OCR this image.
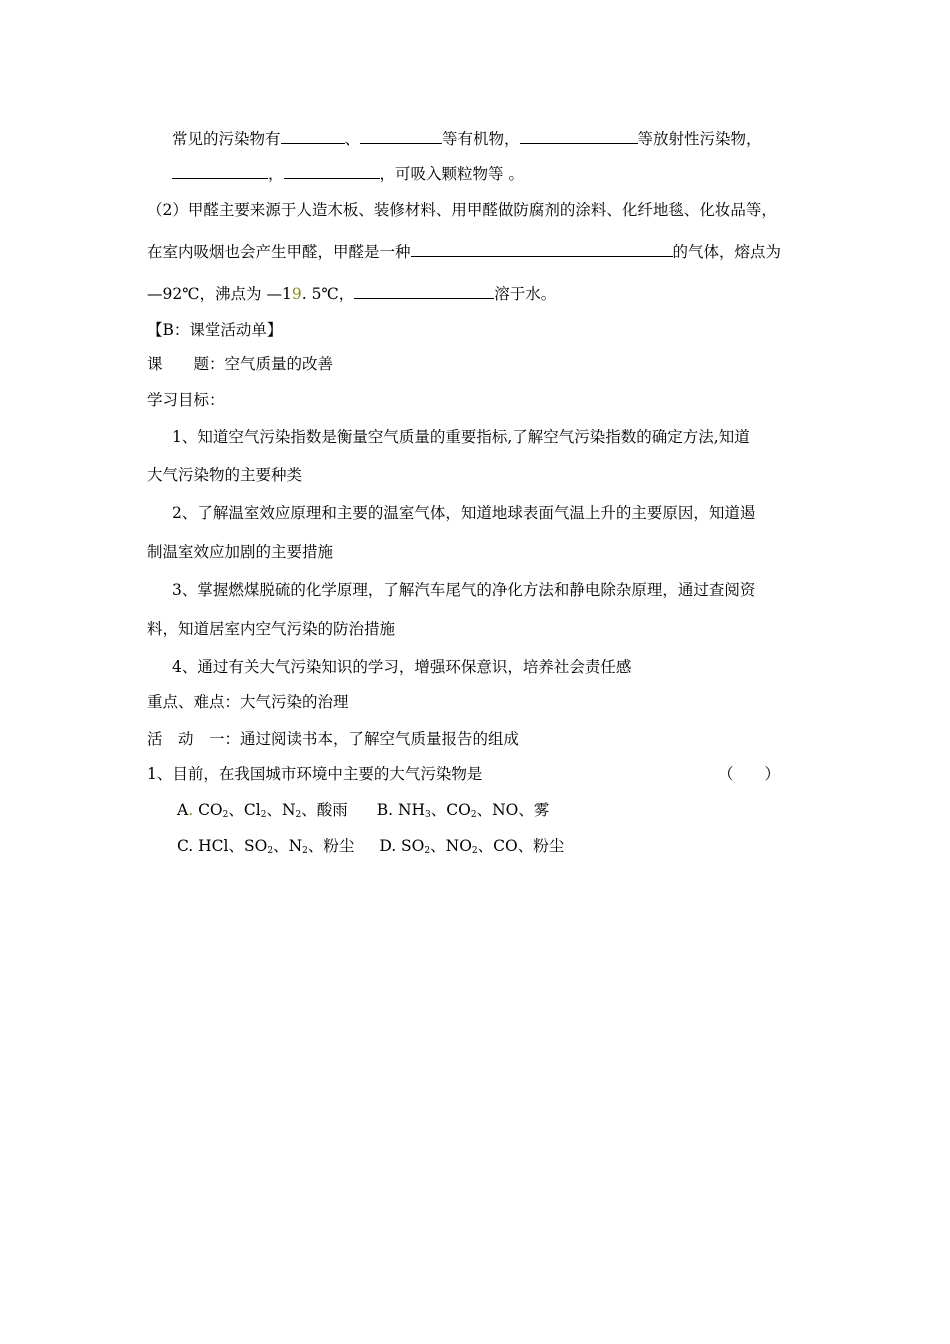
常见的污染物有	、	等有机物，	等放射性污染物，
，	，可吸入颗粒物等 。
（2）甲醛主要来源于人造木板、装修材料、用甲醛做防腐剂的涂料、化纤地毯、化妆品等，
在室内吸烟也会产生甲醛，甲醛是一种	的气体，熔点为
—92℃，沸点为 —19. 5℃，	溶于水。
【B：课堂活动单】
课　　题：空气质量的改善
学习目标：
1、知道空气污染指数是衡量空气质量的重要指标,了解空气污染指数的确定方法,知道
大气污染物的主要种类
2、了解温室效应原理和主要的温室气体，知道地球表面气温上升的主要原因，知道遏
制温室效应加剧的主要措施
3、掌握燃煤脱硫的化学原理，了解汽车尾气的净化方法和静电除杂原理，通过查阅资
料，知道居室内空气污染的防治措施
4、通过有关大气污染知识的学习，增强环保意识，培养社会责任感
重点、难点：大气污染的治理
活　动　一：通过阅读书本，了解空气质量报告的组成
1、目前，在我国城市环境中主要的大气污染物是	（　　）
A. $CO_2$、$Cl_2$、$N_2$、酸雨 B. $NH_3$、$CO_2$、NO、雾
C. HCl、$SO_2$、$N_2$、粉尘 D. $SO_2$、$NO_2$、CO、粉尘
